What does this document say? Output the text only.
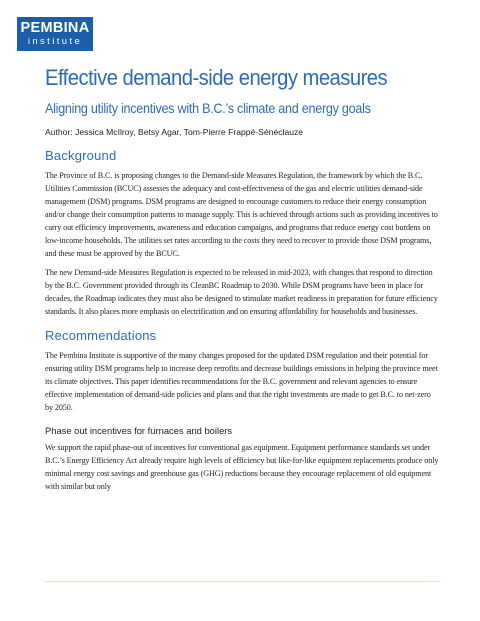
PEMBINA
institute
Effective demand-side energy measures
Aligning utility incentives with B.C.’s climate and energy goals
Author: Jessica McIlroy, Betsy Agar, Tom-Pierre Frappé-Sénéclauze
Background

The Province of B.C. is proposing changes to the Demand-side Measures Regulation, the framework by which the B.C. Utilities Commission (BCUC) assesses the adequacy and cost-effectiveness of the gas and electric utilities demand-side management (DSM) programs. DSM programs are designed to encourage customers to reduce their energy consumption and/or change their consumption patterns to manage supply. This is achieved through actions such as providing incentives to carry out efficiency improvements, awareness and education campaigns, and programs that reduce energy cost burdens on low-income households. The utilities set rates according to the costs they need to recover to provide those DSM programs, and these must be approved by the BCUC.

The new Demand-side Measures Regulation is expected to be released in mid-2023, with changes that respond to direction by the B.C. Government provided through its CleanBC Roadmap to 2030. While DSM programs have been in place for decades, the Roadmap indicates they must also be designed to stimulate market readiness in preparation for future efficiency standards. It also places more emphasis on electrification and on ensuring affordability for households and businesses.

Recommendations

The Pembina Institute is supportive of the many changes proposed for the updated DSM regulation and their potential for ensuring utility DSM programs help to increase deep retrofits and decrease buildings emissions in helping the province meet its climate objectives. This paper identifies recommendations for the B.C. government and relevant agencies to ensure effective implementation of demand-side policies and plans and that the right investments are made to get B.C. to net-zero by 2050.

Phase out incentives for furnaces and boilers

We support the rapid phase-out of incentives for conventional gas equipment. Equipment performance standards set under B.C.’s Energy Efficiency Act already require high levels of efficiency but like-for-like equipment replacements produce only minimal energy cost savings and greenhouse gas (GHG) reductions because they encourage replacement of old equipment with similar but only
